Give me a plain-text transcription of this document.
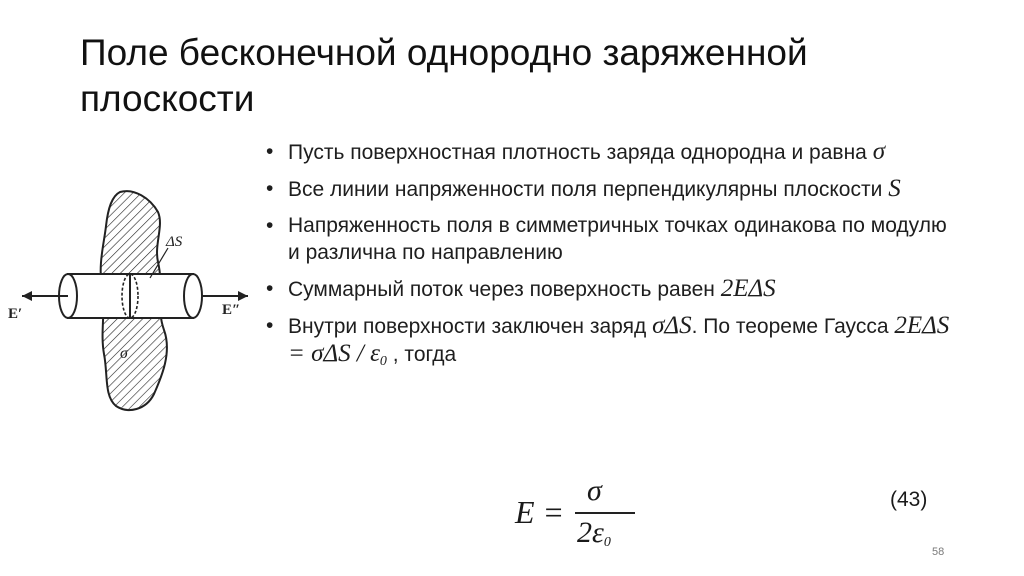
Поле бесконечной однородно заряженной
плоскости
ΔS
E′	E″
σ
• Пусть поверхностная плотность заряда однородна и равна σ
• Все линии напряженности поля перпендикулярны плоскости S
• Напряженность поля в симметричных точках одинакова по модулю и различна по направлению
• Суммарный поток через поверхность равен 2EΔS
• Внутри поверхности заключен заряд σΔS. По теореме Гаусса $2E\Delta S = \sigma\Delta S / \varepsilon_0$ , тогда
E =
σ
$2\varepsilon_0$
(43)
58
